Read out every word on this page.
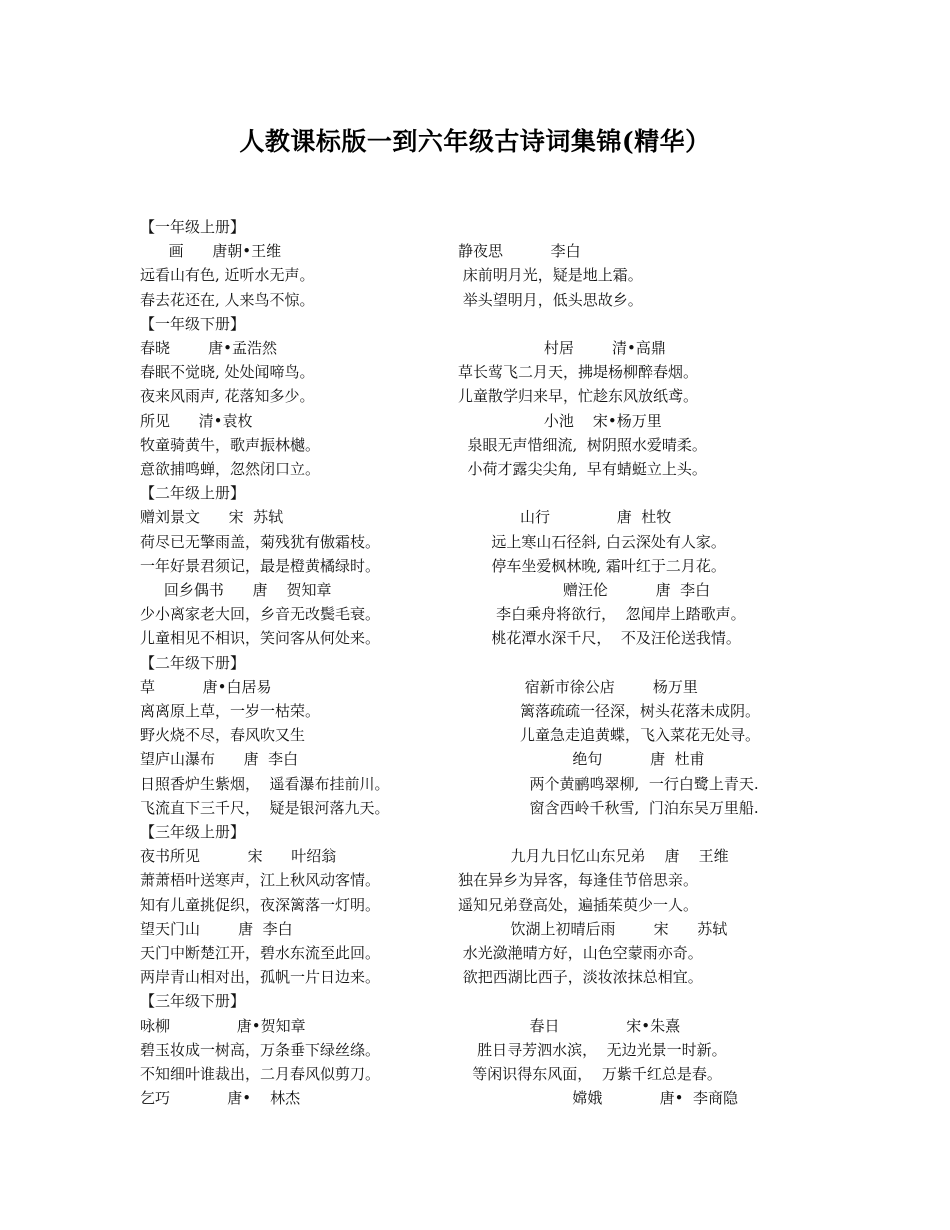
人教课标版一到六年级古诗词集锦(精华）
【一年级上册】
画      唐朝•王维	静夜思          李白
远看山有色, 近听水无声。	床前明月光，疑是地上霜。
春去花还在, 人来鸟不惊。	举头望明月，低头思故乡。
【一年级下册】
春晓        唐•孟浩然	村居        清•高鼎
春眠不觉晓, 处处闻啼鸟。	草长莺飞二月天，拂堤杨柳醉春烟。
夜来风雨声, 花落知多少。	儿童散学归来早，忙趁东风放纸鸢。
所见      清•袁枚	小池    宋•杨万里
牧童骑黄牛，歌声振林樾。	泉眼无声惜细流,  树阴照水爱晴柔。
意欲捕鸣蝉，忽然闭口立。	小荷才露尖尖角,  早有蜻蜓立上头。
【二年级上册】
赠刘景文      宋  苏轼	山行              唐  杜牧
荷尽已无擎雨盖，菊残犹有傲霜枝。	远上寒山石径斜, 白云深处有人家。
一年好景君须记，最是橙黄橘绿时。	停车坐爱枫林晚, 霜叶红于二月花。
回乡偶书      唐    贺知章	赠汪伦          唐  李白
少小离家老大回，乡音无改鬓毛衰。	李白乘舟将欲行，  忽闻岸上踏歌声。
儿童相见不相识，笑问客从何处来。	桃花潭水深千尺，  不及汪伦送我情。
【二年级下册】
草          唐•白居易	宿新市徐公店        杨万里
离离原上草，一岁一枯荣。	篱落疏疏一径深，树头花落未成阴。
野火烧不尽，春风吹又生	儿童急走追黄蝶，飞入菜花无处寻。
望庐山瀑布      唐  李白	绝句          唐  杜甫
日照香炉生紫烟，  遥看瀑布挂前川。	两个黄鹂鸣翠柳,  一行白鹭上青天.
飞流直下三千尺，  疑是银河落九天。	窗含西岭千秋雪,  门泊东吴万里船.
【三年级上册】
夜书所见          宋      叶绍翁	九月九日忆山东兄弟    唐    王维
萧萧梧叶送寒声，江上秋风动客情。	独在异乡为异客，每逢佳节倍思亲。
知有儿童挑促织，夜深篱落一灯明。	遥知兄弟登高处，遍插茱萸少一人。
望天门山        唐  李白	饮湖上初晴后雨        宋      苏轼
天门中断楚江开，碧水东流至此回。	水光潋滟晴方好，山色空蒙雨亦奇。
两岸青山相对出，孤帆一片日边来。	欲把西湖比西子，淡妆浓抹总相宜。
【三年级下册】
咏柳              唐•贺知章	春日              宋•朱熹
碧玉妆成一树高，万条垂下绿丝绦。	胜日寻芳泗水滨，  无边光景一时新。
不知细叶谁裁出，二月春风似剪刀。	等闲识得东风面，  万紫千红总是春。
乞巧            唐•    林杰	嫦娥            唐•  李商隐
